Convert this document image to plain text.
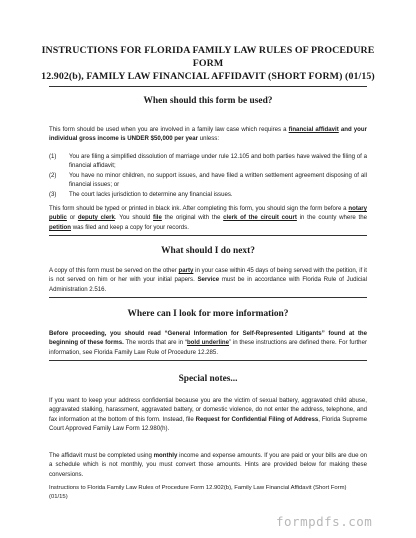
INSTRUCTIONS FOR FLORIDA FAMILY LAW RULES OF PROCEDURE FORM
12.902(b), FAMILY LAW FINANCIAL AFFIDAVIT (SHORT FORM) (01/15)
When should this form be used?

This form should be used when you are involved in a family law case which requires a financial affidavit and your individual gross income is UNDER $50,000 per year unless:

(1) You are filing a simplified dissolution of marriage under rule 12.105 and both parties have waived the filing of a financial affidavit;
(2) You have no minor children, no support issues, and have filed a written settlement agreement disposing of all financial issues; or
(3) The court lacks jurisdiction to determine any financial issues.

This form should be typed or printed in black ink. After completing this form, you should sign the form before a notary public or deputy clerk. You should file the original with the clerk of the circuit court in the county where the petition was filed and keep a copy for your records.

What should I do next?

A copy of this form must be served on the other party in your case within 45 days of being served with the petition, if it is not served on him or her with your initial papers. Service must be in accordance with Florida Rule of Judicial Administration 2.516.

Where can I look for more information?

Before proceeding, you should read “General Information for Self-Represented Litigants” found at the beginning of these forms. The words that are in “bold underline” in these instructions are defined there. For further information, see Florida Family Law Rule of Procedure 12.285.

Special notes...

If you want to keep your address confidential because you are the victim of sexual battery, aggravated child abuse, aggravated stalking, harassment, aggravated battery, or domestic violence, do not enter the address, telephone, and fax information at the bottom of this form. Instead, file Request for Confidential Filing of Address, Florida Supreme Court Approved Family Law Form 12.980(h).

The affidavit must be completed using monthly income and expense amounts. If you are paid or your bills are due on a schedule which is not monthly, you must convert those amounts. Hints are provided below for making these conversions.

Instructions to Florida Family Law Rules of Procedure Form 12.902(b), Family Law Financial Affidavit (Short Form)
(01/15)
formpdfs.com
